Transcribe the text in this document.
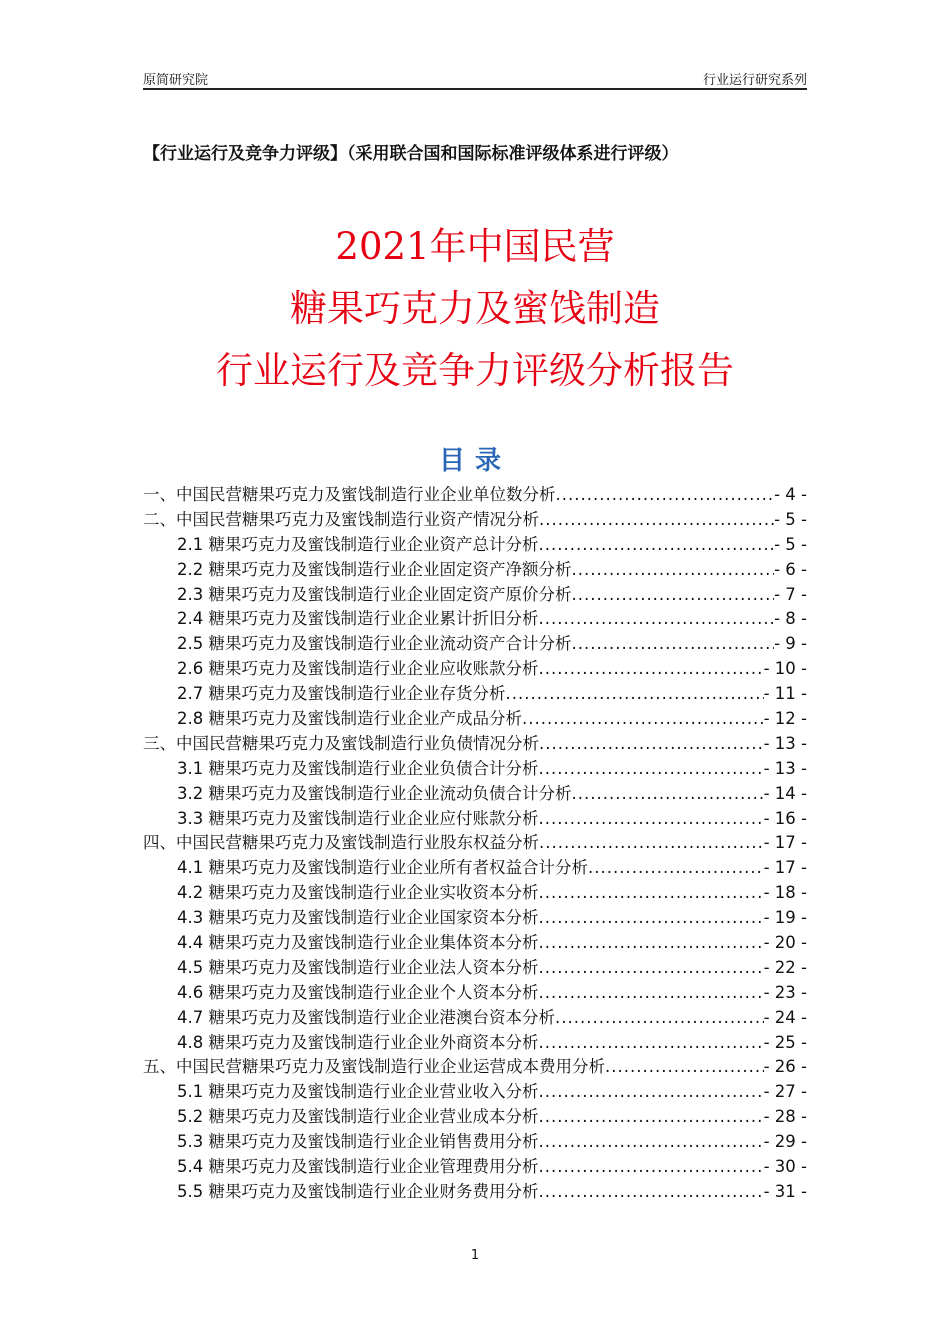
原简研究院	行业运行研究系列
【行业运行及竞争力评级】（采用联合国和国际标准评级体系进行评级）
2021年中国民营
糖果巧克力及蜜饯制造
行业运行及竞争力评级分析报告
目录
一、中国民营糖果巧克力及蜜饯制造行业企业单位数分析 .....	- 4 -
二、中国民营糖果巧克力及蜜饯制造行业资产情况分析 .....	- 5 -
2.1 糖果巧克力及蜜饯制造行业企业资产总计分析 .....	- 5 -
2.2 糖果巧克力及蜜饯制造行业企业固定资产净额分析 .....	- 6 -
2.3 糖果巧克力及蜜饯制造行业企业固定资产原价分析 .....	- 7 -
2.4 糖果巧克力及蜜饯制造行业企业累计折旧分析 .....	- 8 -
2.5 糖果巧克力及蜜饯制造行业企业流动资产合计分析 .....	- 9 -
2.6 糖果巧克力及蜜饯制造行业企业应收账款分析 .....	- 10 -
2.7 糖果巧克力及蜜饯制造行业企业存货分析 .....	- 11 -
2.8 糖果巧克力及蜜饯制造行业企业产成品分析 .....	- 12 -
三、中国民营糖果巧克力及蜜饯制造行业负债情况分析 .....	- 13 -
3.1 糖果巧克力及蜜饯制造行业企业负债合计分析 .....	- 13 -
3.2 糖果巧克力及蜜饯制造行业企业流动负债合计分析 .....	- 14 -
3.3 糖果巧克力及蜜饯制造行业企业应付账款分析 .....	- 16 -
四、中国民营糖果巧克力及蜜饯制造行业股东权益分析 .....	- 17 -
4.1 糖果巧克力及蜜饯制造行业企业所有者权益合计分析 .....	- 17 -
4.2 糖果巧克力及蜜饯制造行业企业实收资本分析 .....	- 18 -
4.3 糖果巧克力及蜜饯制造行业企业国家资本分析 .....	- 19 -
4.4 糖果巧克力及蜜饯制造行业企业集体资本分析 .....	- 20 -
4.5 糖果巧克力及蜜饯制造行业企业法人资本分析 .....	- 22 -
4.6 糖果巧克力及蜜饯制造行业企业个人资本分析 .....	- 23 -
4.7 糖果巧克力及蜜饯制造行业企业港澳台资本分析 .....	- 24 -
4.8 糖果巧克力及蜜饯制造行业企业外商资本分析 .....	- 25 -
五、中国民营糖果巧克力及蜜饯制造行业企业运营成本费用分析 .....	- 26 -
5.1 糖果巧克力及蜜饯制造行业企业营业收入分析 .....	- 27 -
5.2 糖果巧克力及蜜饯制造行业企业营业成本分析 .....	- 28 -
5.3 糖果巧克力及蜜饯制造行业企业销售费用分析 .....	- 29 -
5.4 糖果巧克力及蜜饯制造行业企业管理费用分析 .....	- 30 -
5.5 糖果巧克力及蜜饯制造行业企业财务费用分析 .....	- 31 -
1
